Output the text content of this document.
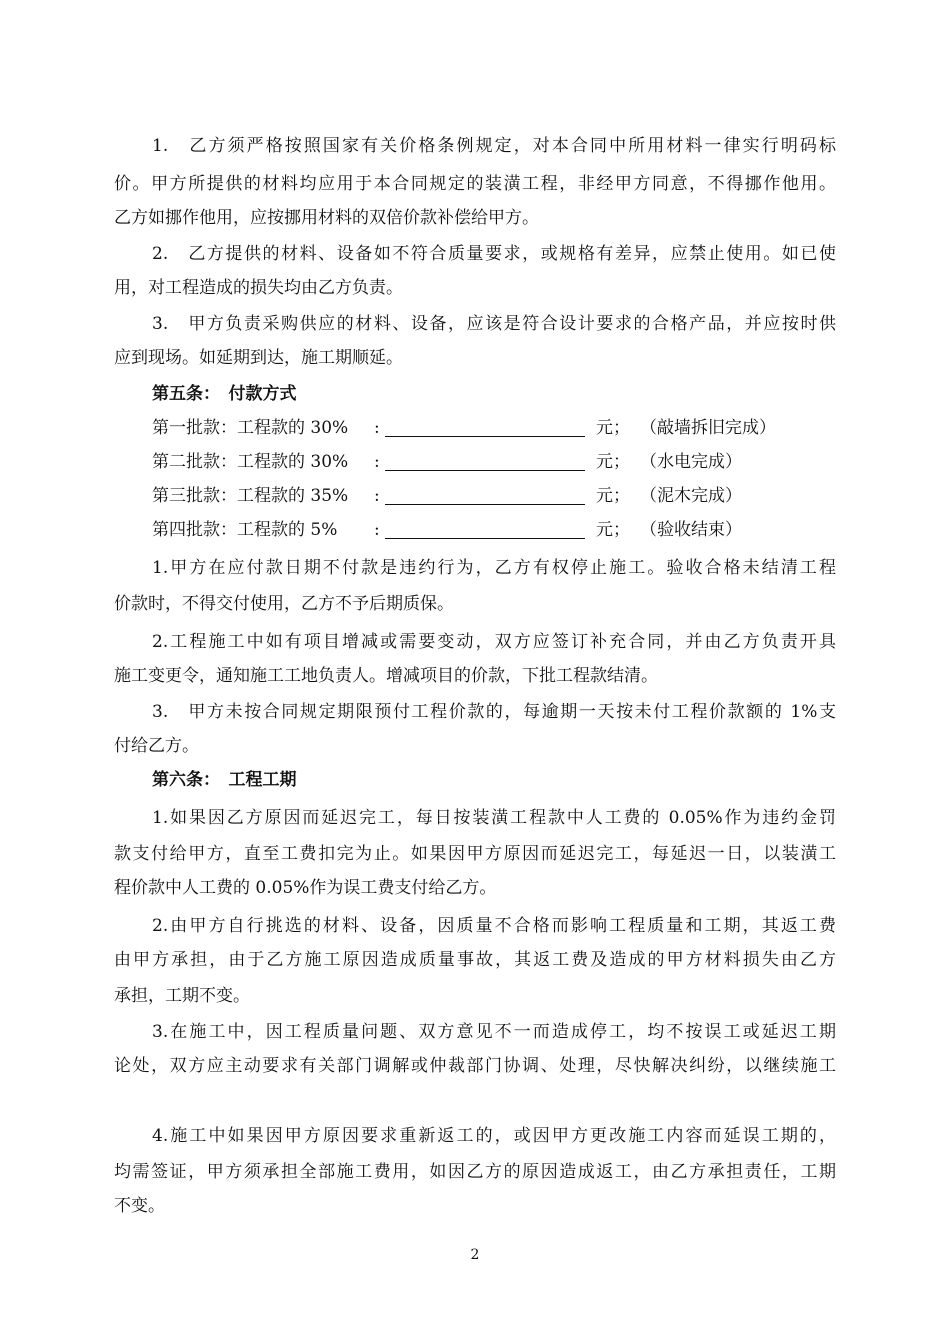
1.　乙方须严格按照国家有关价格条例规定，对本合同中所用材料一律实行明码标
价。甲方所提供的材料均应用于本合同规定的装潢工程，非经甲方同意，不得挪作他用。
乙方如挪作他用，应按挪用材料的双倍价款补偿给甲方。
2.　乙方提供的材料、设备如不符合质量要求，或规格有差异，应禁止使用。如已使
用，对工程造成的损失均由乙方负责。
3.　甲方负责采购供应的材料、设备，应该是符合设计要求的合格产品，并应按时供
应到现场。如延期到达，施工期顺延。
第五条：　付款方式
第一批款：工程款的 30% :	元； （敲墙拆旧完成）
第二批款：工程款的 30% :	元； （水电完成）
第三批款：工程款的 35% :	元； （泥木完成）
第四批款：工程款的 5% :	元； （验收结束）
1.甲方在应付款日期不付款是违约行为，乙方有权停止施工。验收合格未结清工程
价款时，不得交付使用，乙方不予后期质保。
2.工程施工中如有项目增减或需要变动，双方应签订补充合同，并由乙方负责开具
施工变更令，通知施工工地负责人。增减项目的价款，下批工程款结清。
3.　甲方未按合同规定期限预付工程价款的，每逾期一天按未付工程价款额的 1%支
付给乙方。
第六条：　工程工期
1.如果因乙方原因而延迟完工，每日按装潢工程款中人工费的 0.05%作为违约金罚
款支付给甲方，直至工费扣完为止。如果因甲方原因而延迟完工，每延迟一日，以装潢工
程价款中人工费的 0.05%作为误工费支付给乙方。
2.由甲方自行挑选的材料、设备，因质量不合格而影响工程质量和工期，其返工费
由甲方承担，由于乙方施工原因造成质量事故，其返工费及造成的甲方材料损失由乙方
承担，工期不变。
3.在施工中，因工程质量问题、双方意见不一而造成停工，均不按误工或延迟工期
论处，双方应主动要求有关部门调解或仲裁部门协调、处理，尽快解决纠纷，以继续施工
4.施工中如果因甲方原因要求重新返工的，或因甲方更改施工内容而延误工期的，
均需签证，甲方须承担全部施工费用，如因乙方的原因造成返工，由乙方承担责任，工期
不变。
2
